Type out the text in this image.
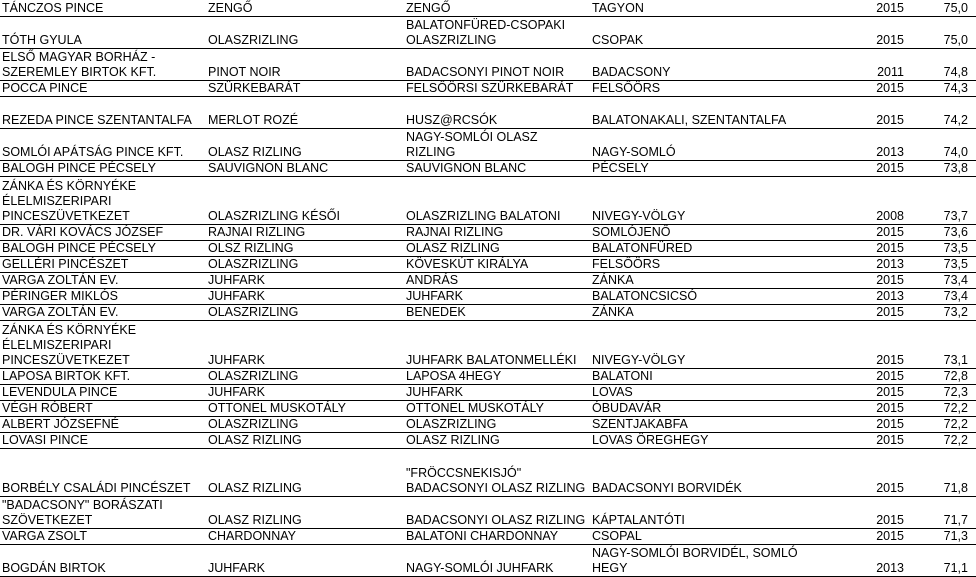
TÁNCZOS PINCE	ZENGŐ	ZENGŐ	TAGYON	2015	75,0
TÓTH GYULA	OLASZRIZLING	BALATONFÜRED-CSOPAKI OLASZRIZLING	CSOPAK	2015	75,0
ELSŐ MAGYAR BORHÁZ - SZEREMLEY BIRTOK KFT.	PINOT NOIR	BADACSONYI PINOT NOIR	BADACSONY	2011	74,8
POCCA PINCE	SZÜRKEBARÁT	FELSŐÖRSI SZÜRKEBARÁT	FELSŐÖRS	2015	74,3
REZEDA PINCE SZENTANTALFA	MERLOT ROZÉ	HUSZ@RCSÓK	BALATONAKALI, SZENTANTALFA	2015	74,2
SOMLÓI APÁTSÁG PINCE KFT.	OLASZ RIZLING	NAGY-SOMLÓI OLASZ RIZLING	NAGY-SOMLÓ	2013	74,0
BALOGH PINCE PÉCSELY	SAUVIGNON BLANC	SAUVIGNON BLANC	PÉCSELY	2015	73,8
ZÁNKA ÉS KÖRNYÉKE ÉLELMISZERIPARI PINCESZÜVETKEZET	OLASZRIZLING KÉSŐI	OLASZRIZLING BALATONI	NIVEGY-VÖLGY	2008	73,7
DR. VÁRI KOVÁCS JÓZSEF	RAJNAI RIZLING	RAJNAI RIZLING	SOMLÓJENŐ	2015	73,6
BALOGH PINCE PÉCSELY	OLSZ RIZLING	OLASZ RIZLING	BALATONFÜRED	2015	73,5
GELLÉRI PINCÉSZET	OLASZRIZLING	KÖVESKÚT KIRÁLYA	FELSŐÖRS	2013	73,5
VARGA ZOLTÁN EV.	JUHFARK	ANDRÁS	ZÁNKA	2015	73,4
PÉRINGER MIKLÓS	JUHFARK	JUHFARK	BALATONCSICSÓ	2013	73,4
VARGA ZOLTÁN EV.	OLASZRIZLING	BENEDEK	ZÁNKA	2015	73,2
ZÁNKA ÉS KÖRNYÉKE ÉLELMISZERIPARI PINCESZÜVETKEZET	JUHFARK	JUHFARK BALATONMELLÉKI	NIVEGY-VÖLGY	2015	73,1
LAPOSA BIRTOK KFT.	OLASZRIZLING	LAPOSA 4HEGY	BALATONI	2015	72,8
LEVENDULA PINCE	JUHFARK	JUHFARK	LOVAS	2015	72,3
VÉGH RÓBERT	OTTONEL MUSKOTÁLY	OTTONEL MUSKOTÁLY	ÓBUDAVÁR	2015	72,2
ALBERT JÓZSEFNÉ	OLASZRIZLING	OLASZRIZLING	SZENTJAKABFA	2015	72,2
LOVASI PINCE	OLASZ RIZLING	OLASZ RIZLING	LOVAS ÖREGHEGY	2015	72,2
BORBÉLY CSALÁDI PINCÉSZET	OLASZ RIZLING	"FRÖCCSNEKISJÓ" BADACSONYI OLASZ RIZLING	BADACSONYI BORVIDÉK	2015	71,8
"BADACSONY" BORÁSZATI SZÖVETKEZET	OLASZ RIZLING	BADACSONYI OLASZ RIZLING	KÁPTALANTÓTI	2015	71,7
VARGA ZSOLT	CHARDONNAY	BALATONI CHARDONNAY	CSOPAL	2015	71,3
BOGDÁN BIRTOK	JUHFARK	NAGY-SOMLÓI JUHFARK	NAGY-SOMLÓI BORVIDÉL, SOMLÓ HEGY	2013	71,1
